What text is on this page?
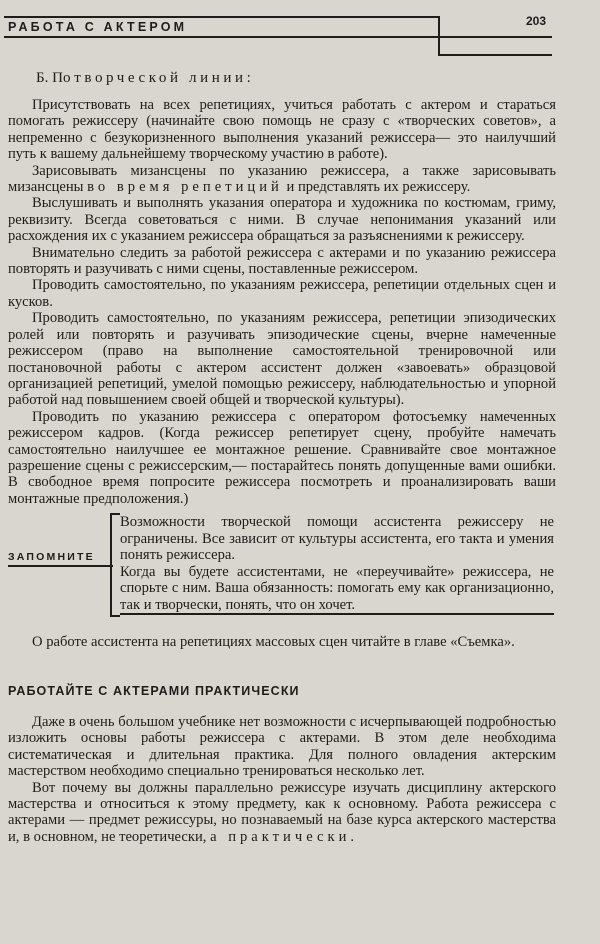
РАБОТА С АКТЕРОМ	203
Б. По творческой линии:

Присутствовать на всех репетициях, учиться работать с актером и стараться помогать режиссеру (начинайте свою помощь не сразу с «творческих советов», а непременно с безукоризненного выполнения указаний режиссера— это наилучший путь к вашему дальнейшему творческому участию в работе).

Зарисовывать мизансцены по указанию режиссера, а также зарисовывать мизансцены во время репетиций и представлять их режиссеру.

Выслушивать и выполнять указания оператора и художника по костюмам, гриму, реквизиту. Всегда советоваться с ними. В случае непонимания указаний или расхождения их с указанием режиссера обращаться за разъяснениями к режиссеру.

Внимательно следить за работой режиссера с актерами и по указанию режиссера повторять и разучивать с ними сцены, поставленные режиссером.

Проводить самостоятельно, по указаниям режиссера, репетиции отдельных сцен и кусков.

Проводить самостоятельно, по указаниям режиссера, репетиции эпизодических ролей или повторять и разучивать эпизодические сцены, вчерне намеченные режиссером (право на выполнение самостоятельной тренировочной или постановочной работы с актером ассистент должен «завоевать» образцовой организацией репетиций, умелой помощью режиссеру, наблюдательностью и упорной работой над повышением своей общей и творческой культуры).

Проводить по указанию режиссера с оператором фотосъемку намеченных режиссером кадров. (Когда режиссер репетирует сцену, пробуйте намечать самостоятельно наилучшее ее монтажное решение. Сравнивайте свое монтажное разрешение сцены с режиссерским,— постарайтесь понять допущенные вами ошибки. В свободное время попросите режиссера посмотреть и проанализировать ваши монтажные предположения.)

ЗАПОМНИТЕ

Возможности творческой помощи ассистента режиссеру не ограничены. Все зависит от культуры ассистента, его такта и умения понять режиссера.

Когда вы будете ассистентами, не «переучивайте» режиссера, не спорьте с ним. Ваша обязанность: помогать ему как организационно, так и творчески, понять, что он хочет.

О работе ассистента на репетициях массовых сцен читайте в главе «Съемка».
РАБОТАЙТЕ С АКТЕРАМИ ПРАКТИЧЕСКИ

Даже в очень большом учебнике нет возможности с исчерпывающей подробностью изложить основы работы режиссера с актерами. В этом деле необходима систематическая и длительная практика. Для полного овладения актерским мастерством необходимо специально тренироваться несколько лет.

Вот почему вы должны параллельно режиссуре изучать дисциплину актерского мастерства и относиться к этому предмету, как к основному. Работа режиссера с актерами — предмет режиссуры, но познаваемый на базе курса актерского мастерства и, в основном, не теоретически, а практически.
